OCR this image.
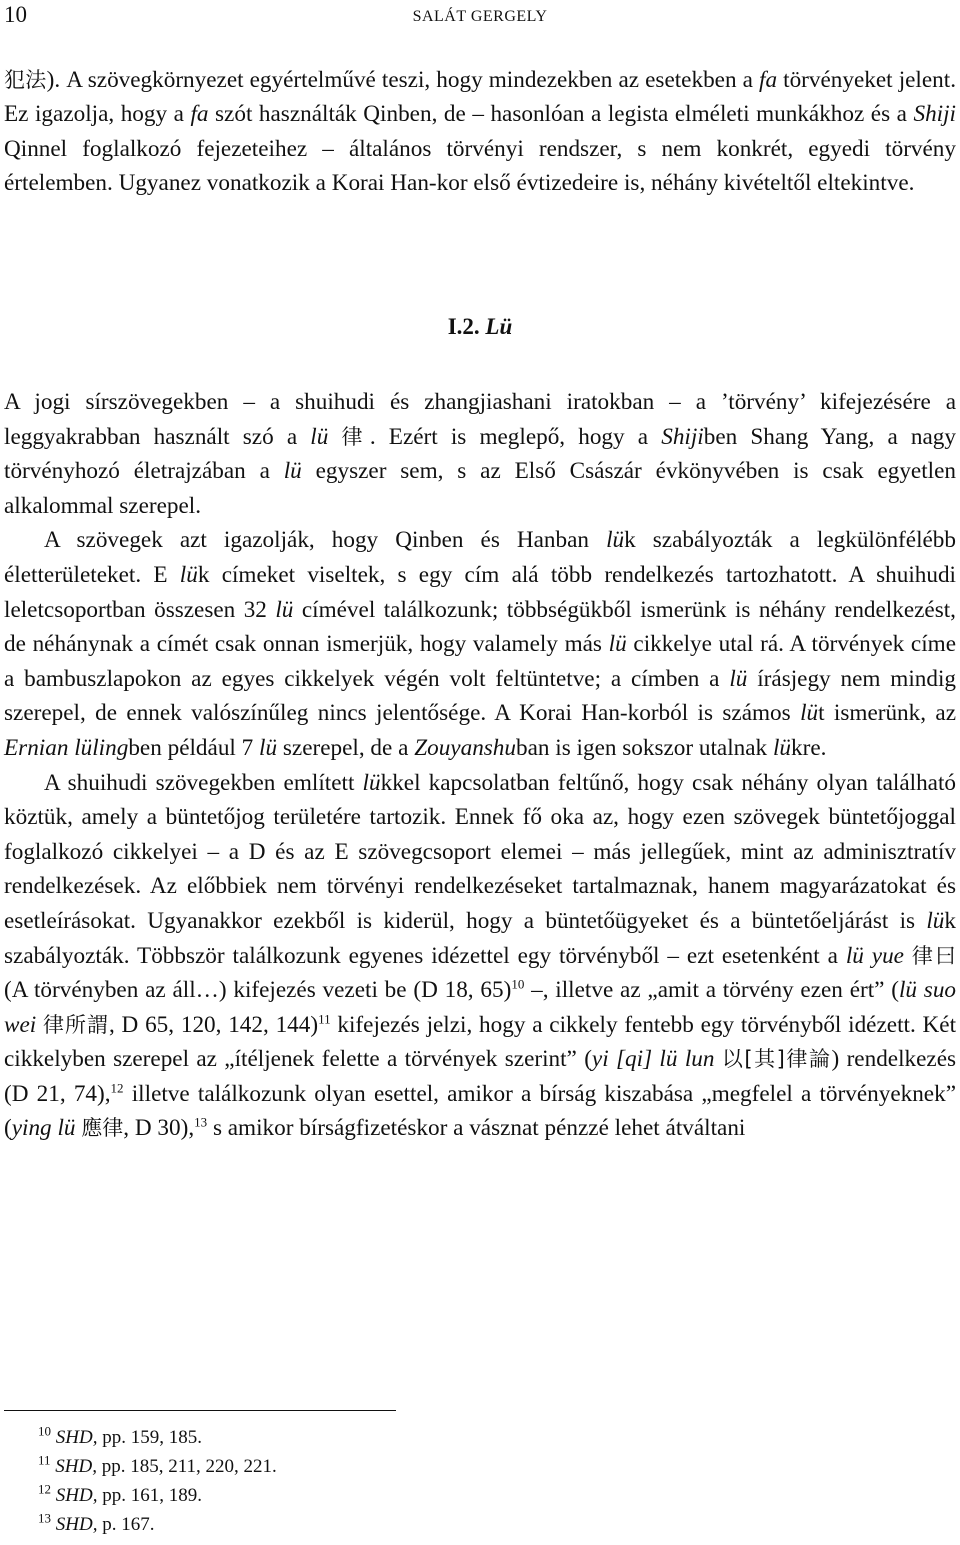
10	SALÁT GERGELY

犯法). A szövegkörnyezet egyértelművé teszi, hogy mindezekben az esetekben a fa törvényeket jelent. Ez igazolja, hogy a fa szót használták Qinben, de ‒ hasonlóan a legista elméleti munkákhoz és a Shiji Qinnel foglalkozó fejezeteihez ‒ általános törvényi rendszer, s nem konkrét, egyedi törvény értelemben. Ugyanez vonatkozik a Korai Han-kor első évtizedeire is, néhány kivételtől eltekintve.

I.2. Lü

A jogi sírszövegekben ‒ a shuihudi és zhangjiashani iratokban ‒ a ’törvény’ kifejezésére a leggyakrabban használt szó a lü 律. Ezért is meglepő, hogy a Shijiben Shang Yang, a nagy törvényhozó életrajzában a lü egyszer sem, s az Első Császár évkönyvében is csak egyetlen alkalommal szerepel.

A szövegek azt igazolják, hogy Qinben és Hanban lük szabályozták a legkülönfélébb életterületeket. E lük címeket viseltek, s egy cím alá több rendelkezés tartozhatott. A shuihudi leletcsoportban összesen 32 lü címével találkozunk; többségükből ismerünk is néhány rendelkezést, de néhánynak a címét csak onnan ismerjük, hogy valamely más lü cikkelye utal rá. A törvények címe a bambuszlapokon az egyes cikkelyek végén volt feltüntetve; a címben a lü írásjegy nem mindig szerepel, de ennek valószínűleg nincs jelentősége. A Korai Han-korból is számos lüt ismerünk, az Ernian lülingben például 7 lü szerepel, de a Zouyanshuban is igen sokszor utalnak lükre.

A shuihudi szövegekben említett lükkel kapcsolatban feltűnő, hogy csak néhány olyan található köztük, amely a büntetőjog területére tartozik. Ennek fő oka az, hogy ezen szövegek büntetőjoggal foglalkozó cikkelyei ‒ a D és az E szövegcsoport elemei ‒ más jellegűek, mint az adminisztratív rendelkezések. Az előbbiek nem törvényi rendelkezéseket tartalmaznak, hanem magyarázatokat és esetleírásokat. Ugyanakkor ezekből is kiderül, hogy a büntetőügyeket és a büntetőeljárást is lük szabályozták. Többször találkozunk egyenes idézettel egy törvényből ‒ ezt esetenként a lü yue 律曰 (A törvényben az áll…) kifejezés vezeti be (D 18, 65)$^{10}$ ‒, illetve az „amit a törvény ezen ért” (lü suo wei 律所謂, D 65, 120, 142, 144)$^{11}$ kifejezés jelzi, hogy a cikkely fentebb egy törvényből idézett. Két cikkelyben szerepel az „ítéljenek felette a törvények szerint” (yi [qi] lü lun 以[其]律論) rendelkezés (D 21, 74),$^{12}$ illetve találkozunk olyan esettel, amikor a bírság kiszabása „megfelel a törvényeknek” (ying lü 應律, D 30),$^{13}$ s amikor bírságfizetéskor a vásznat pénzzé lehet átváltani

$^{10}$ SHD, pp. 159, 185.
$^{11}$ SHD, pp. 185, 211, 220, 221.
$^{12}$ SHD, pp. 161, 189.
$^{13}$ SHD, p. 167.
